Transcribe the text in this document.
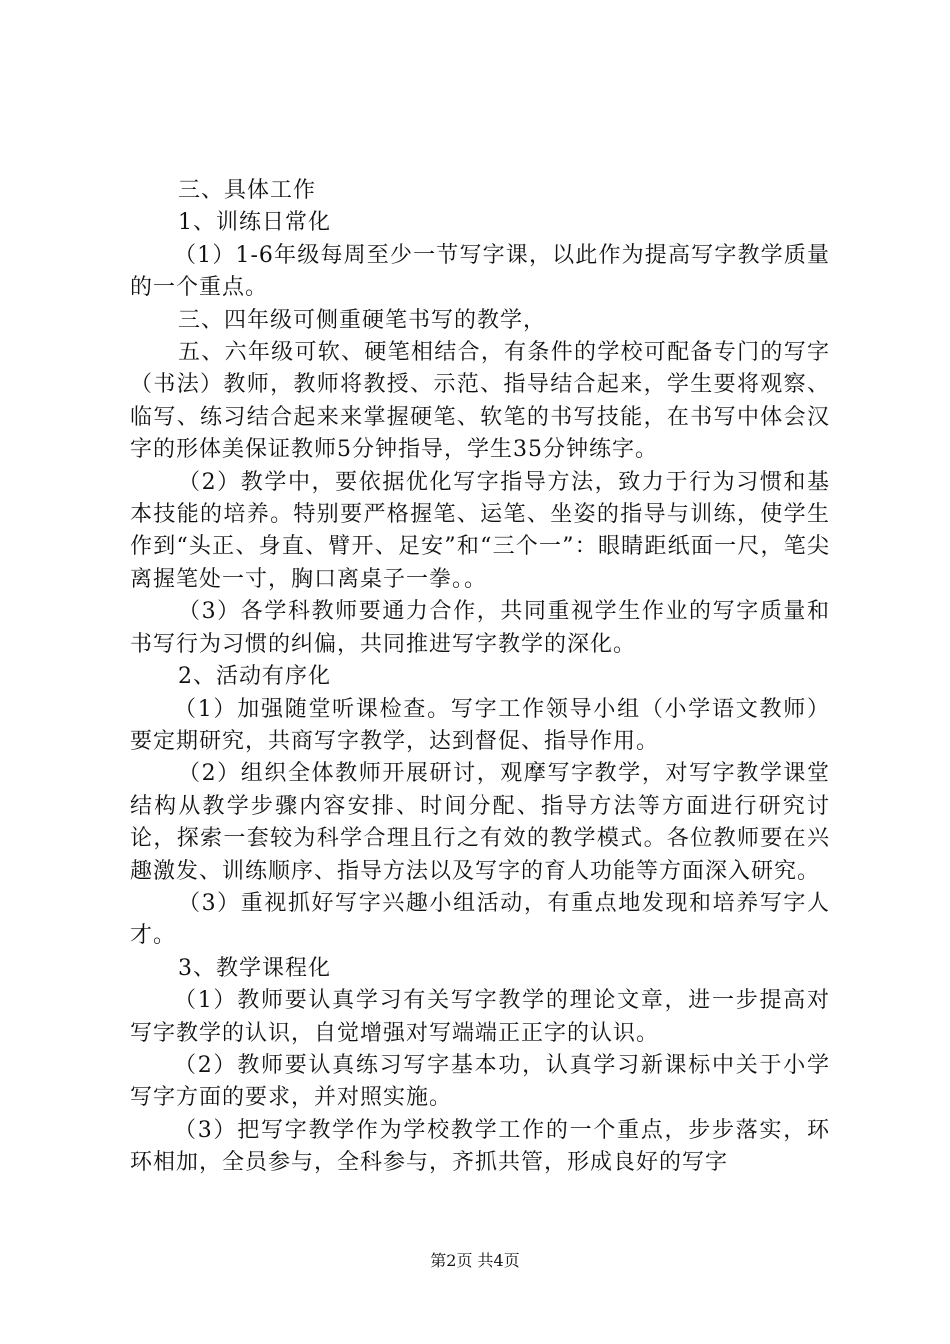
三、具体工作

1、训练日常化

（1）1-6年级每周至少一节写字课，以此作为提高写字教学质量的一个重点。

三、四年级可侧重硬笔书写的教学，

五、六年级可软、硬笔相结合，有条件的学校可配备专门的写字（书法）教师，教师将教授、示范、指导结合起来，学生要将观察、临写、练习结合起来来掌握硬笔、软笔的书写技能，在书写中体会汉字的形体美保证教师5分钟指导，学生35分钟练字。

（2）教学中，要依据优化写字指导方法，致力于行为习惯和基本技能的培养。特别要严格握笔、运笔、坐姿的指导与训练，使学生作到“头正、身直、臂开、足安”和“三个一”：眼睛距纸面一尺，笔尖离握笔处一寸，胸口离桌子一拳。。

（3）各学科教师要通力合作，共同重视学生作业的写字质量和书写行为习惯的纠偏，共同推进写字教学的深化。

2、活动有序化

（1）加强随堂听课检查。写字工作领导小组（小学语文教师）要定期研究，共商写字教学，达到督促、指导作用。

（2）组织全体教师开展研讨，观摩写字教学，对写字教学课堂结构从教学步骤内容安排、时间分配、指导方法等方面进行研究讨论，探索一套较为科学合理且行之有效的教学模式。各位教师要在兴趣激发、训练顺序、指导方法以及写字的育人功能等方面深入研究。

（3）重视抓好写字兴趣小组活动，有重点地发现和培养写字人才。

3、教学课程化

（1）教师要认真学习有关写字教学的理论文章，进一步提高对写字教学的认识，自觉增强对写端端正正字的认识。

（2）教师要认真练习写字基本功，认真学习新课标中关于小学写字方面的要求，并对照实施。

（3）把写字教学作为学校教学工作的一个重点，步步落实，环环相加，全员参与，全科参与，齐抓共管，形成良好的写字

第2页 共4页
